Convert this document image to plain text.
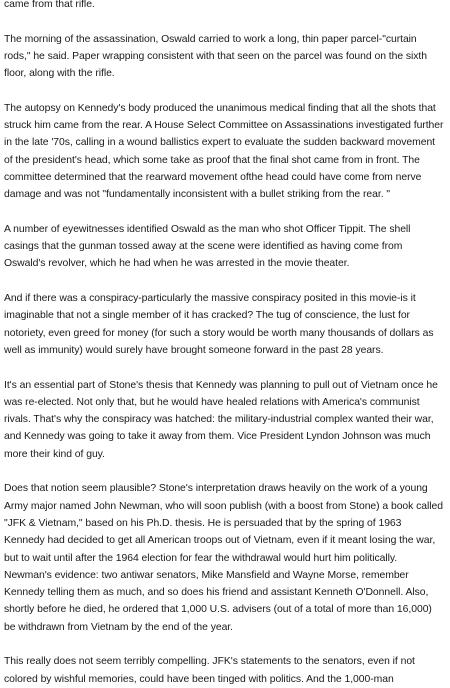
came from that rifle.

The morning of the assassination, Oswald carried to work a long, thin paper parcel-"curtain rods," he said. Paper wrapping consistent with that seen on the parcel was found on the sixth floor, along with the rifle.

The autopsy on Kennedy's body produced the unanimous medical finding that all the shots that struck him came from the rear. A House Select Committee on Assassinations investigated further in the late '70s, calling in a wound ballistics expert to evaluate the sudden backward movement of the president's head, which some take as proof that the final shot came from in front. The committee determined that the rearward movement ofthe head could have come from nerve damage and was not "fundamentally inconsistent with a bullet striking from the rear. "

A number of eyewitnesses identified Oswald as the man who shot Officer Tippit. The shell casings that the gunman tossed away at the scene were identified as having come from Oswald's revolver, which he had when he was arrested in the movie theater.

And if there was a conspiracy-particularly the massive conspiracy posited in this movie-is it imaginable that not a single member of it has cracked? The tug of conscience, the lust for notoriety, even greed for money (for such a story would be worth many thousands of dollars as well as immunity) would surely have brought someone forward in the past 28 years.

It's an essential part of Stone's thesis that Kennedy was planning to pull out of Vietnam once he was re-elected. Not only that, but he would have healed relations with America's communist rivals. That's why the conspiracy was hatched: the military-industrial complex wanted their war, and Kennedy was going to take it away from them. Vice President Lyndon Johnson was much more their kind of guy.

Does that notion seem plausible? Stone's interpretation draws heavily on the work of a young Army major named John Newman, who will soon publish (with a boost from Stone) a book called "JFK & Vietnam," based on his Ph.D. thesis. He is persuaded that by the spring of 1963 Kennedy had decided to get all American troops out of Vietnam, even if it meant losing the war, but to wait until after the 1964 election for fear the withdrawal would hurt him politically. Newman's evidence: two antiwar senators, Mike Mansfield and Wayne Morse, remember Kennedy telling them as much, and so does his friend and assistant Kenneth O'Donnell. Also, shortly before he died, he ordered that 1,000 U.S. advisers (out of a total of more than 16,000) be withdrawn from Vietnam by the end of the year.

This really does not seem terribly compelling. JFK's statements to the senators, even if not colored by wishful memories, could have been tinged with politics. And the 1,000-man
